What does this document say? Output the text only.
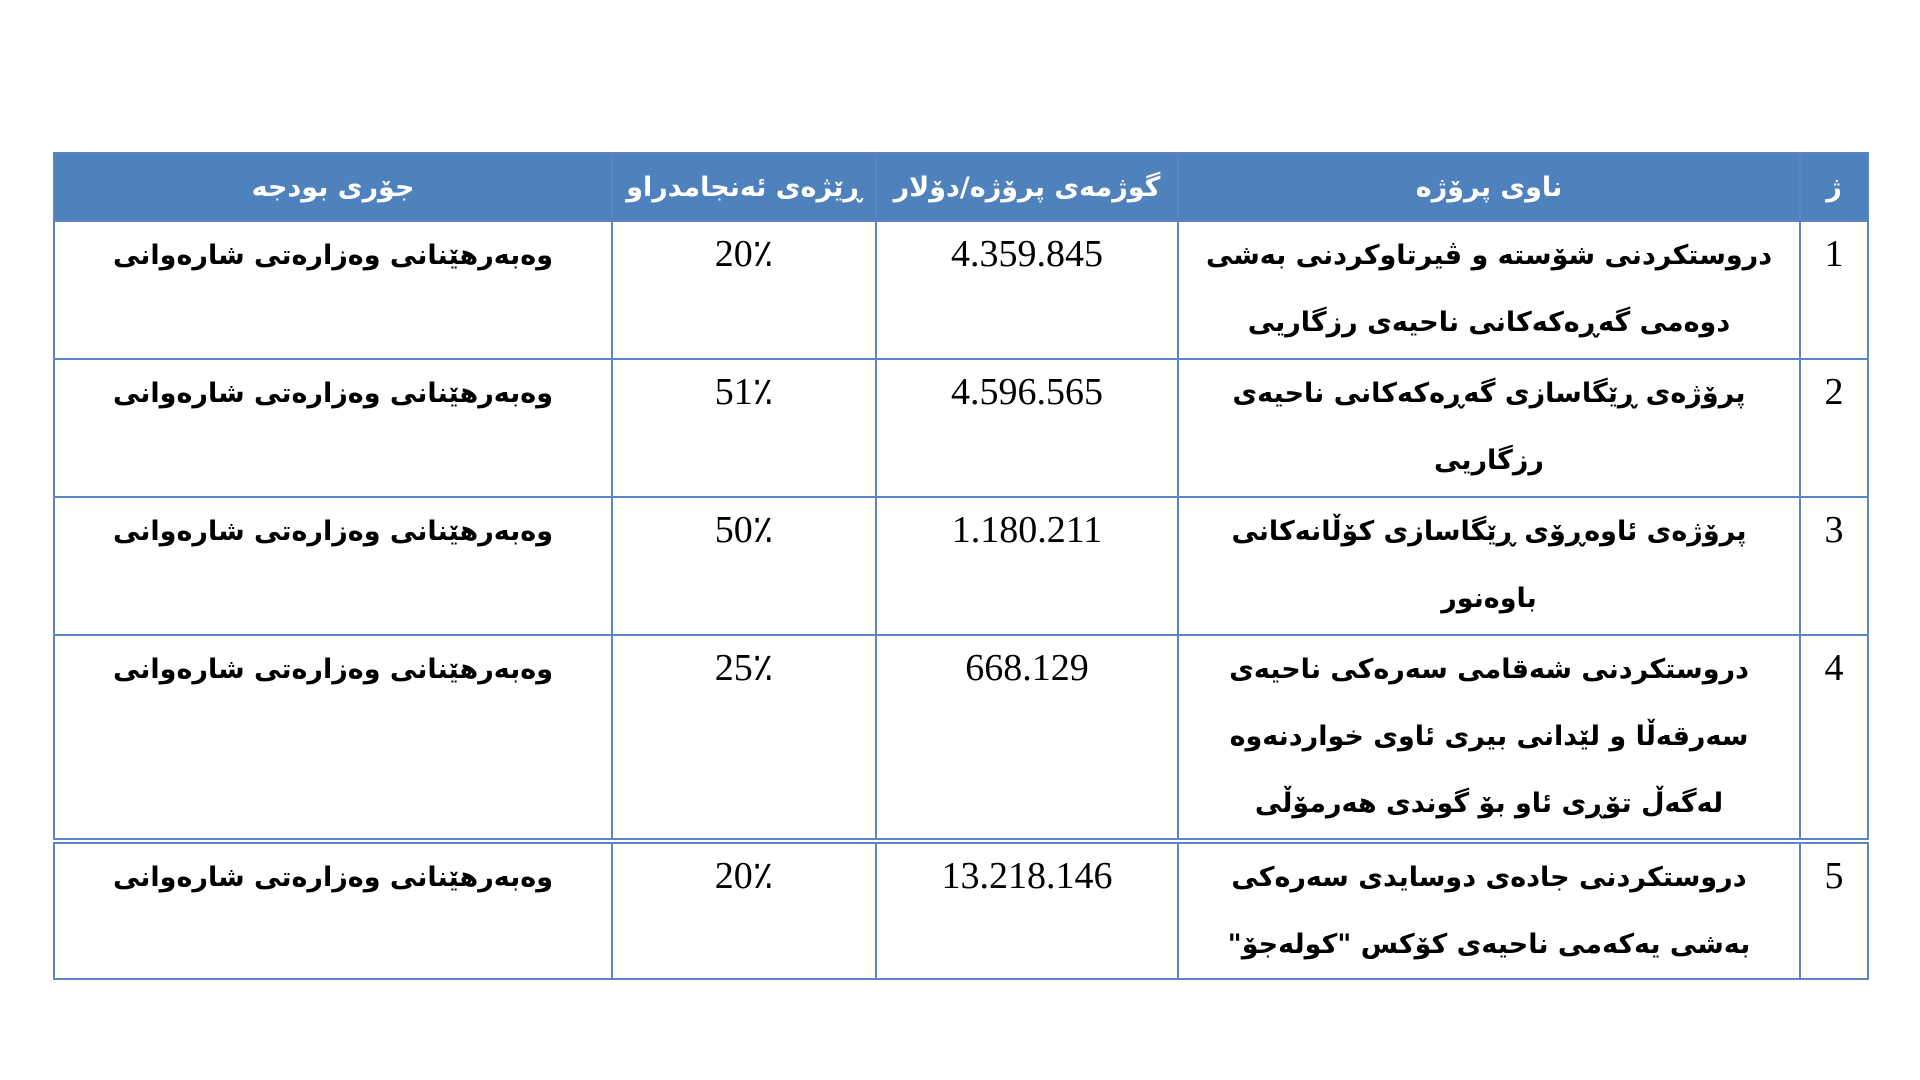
ژ	ناوی پرۆژە	گوژمەی پرۆژە/دۆلار	ڕێژەی ئەنجامدراو	جۆری بودجە
1	دروستکردنی شۆستە و ڤیرتاوکردنی بەشی دوەمی گەڕەکەکانی ناحیەی رزگاریی	4.359.845	20٪	وەبەرهێنانی وەزارەتی شارەوانی
2	پرۆژەی ڕێگاسازی گەڕەکەکانی ناحیەی رزگاریی	4.596.565	51٪	وەبەرهێنانی وەزارەتی شارەوانی
3	پرۆژەی ئاوەڕۆی ڕێگاسازی کۆڵانەکانی باوەنور	1.180.211	50٪	وەبەرهێنانی وەزارەتی شارەوانی
4	دروستکردنی شەقامی سەرەکی ناحیەی سەرقەڵا و لێدانی بیری ئاوی خواردنەوە لەگەڵ تۆڕی ئاو بۆ گوندی هەرمۆڵی	668.129	25٪	وەبەرهێنانی وەزارەتی شارەوانی
5	دروستکردنی جادەی دوسایدی سەرەکی بەشی یەکەمی ناحیەی کۆکس "کولەجۆ"	13.218.146	20٪	وەبەرهێنانی وەزارەتی شارەوانی
